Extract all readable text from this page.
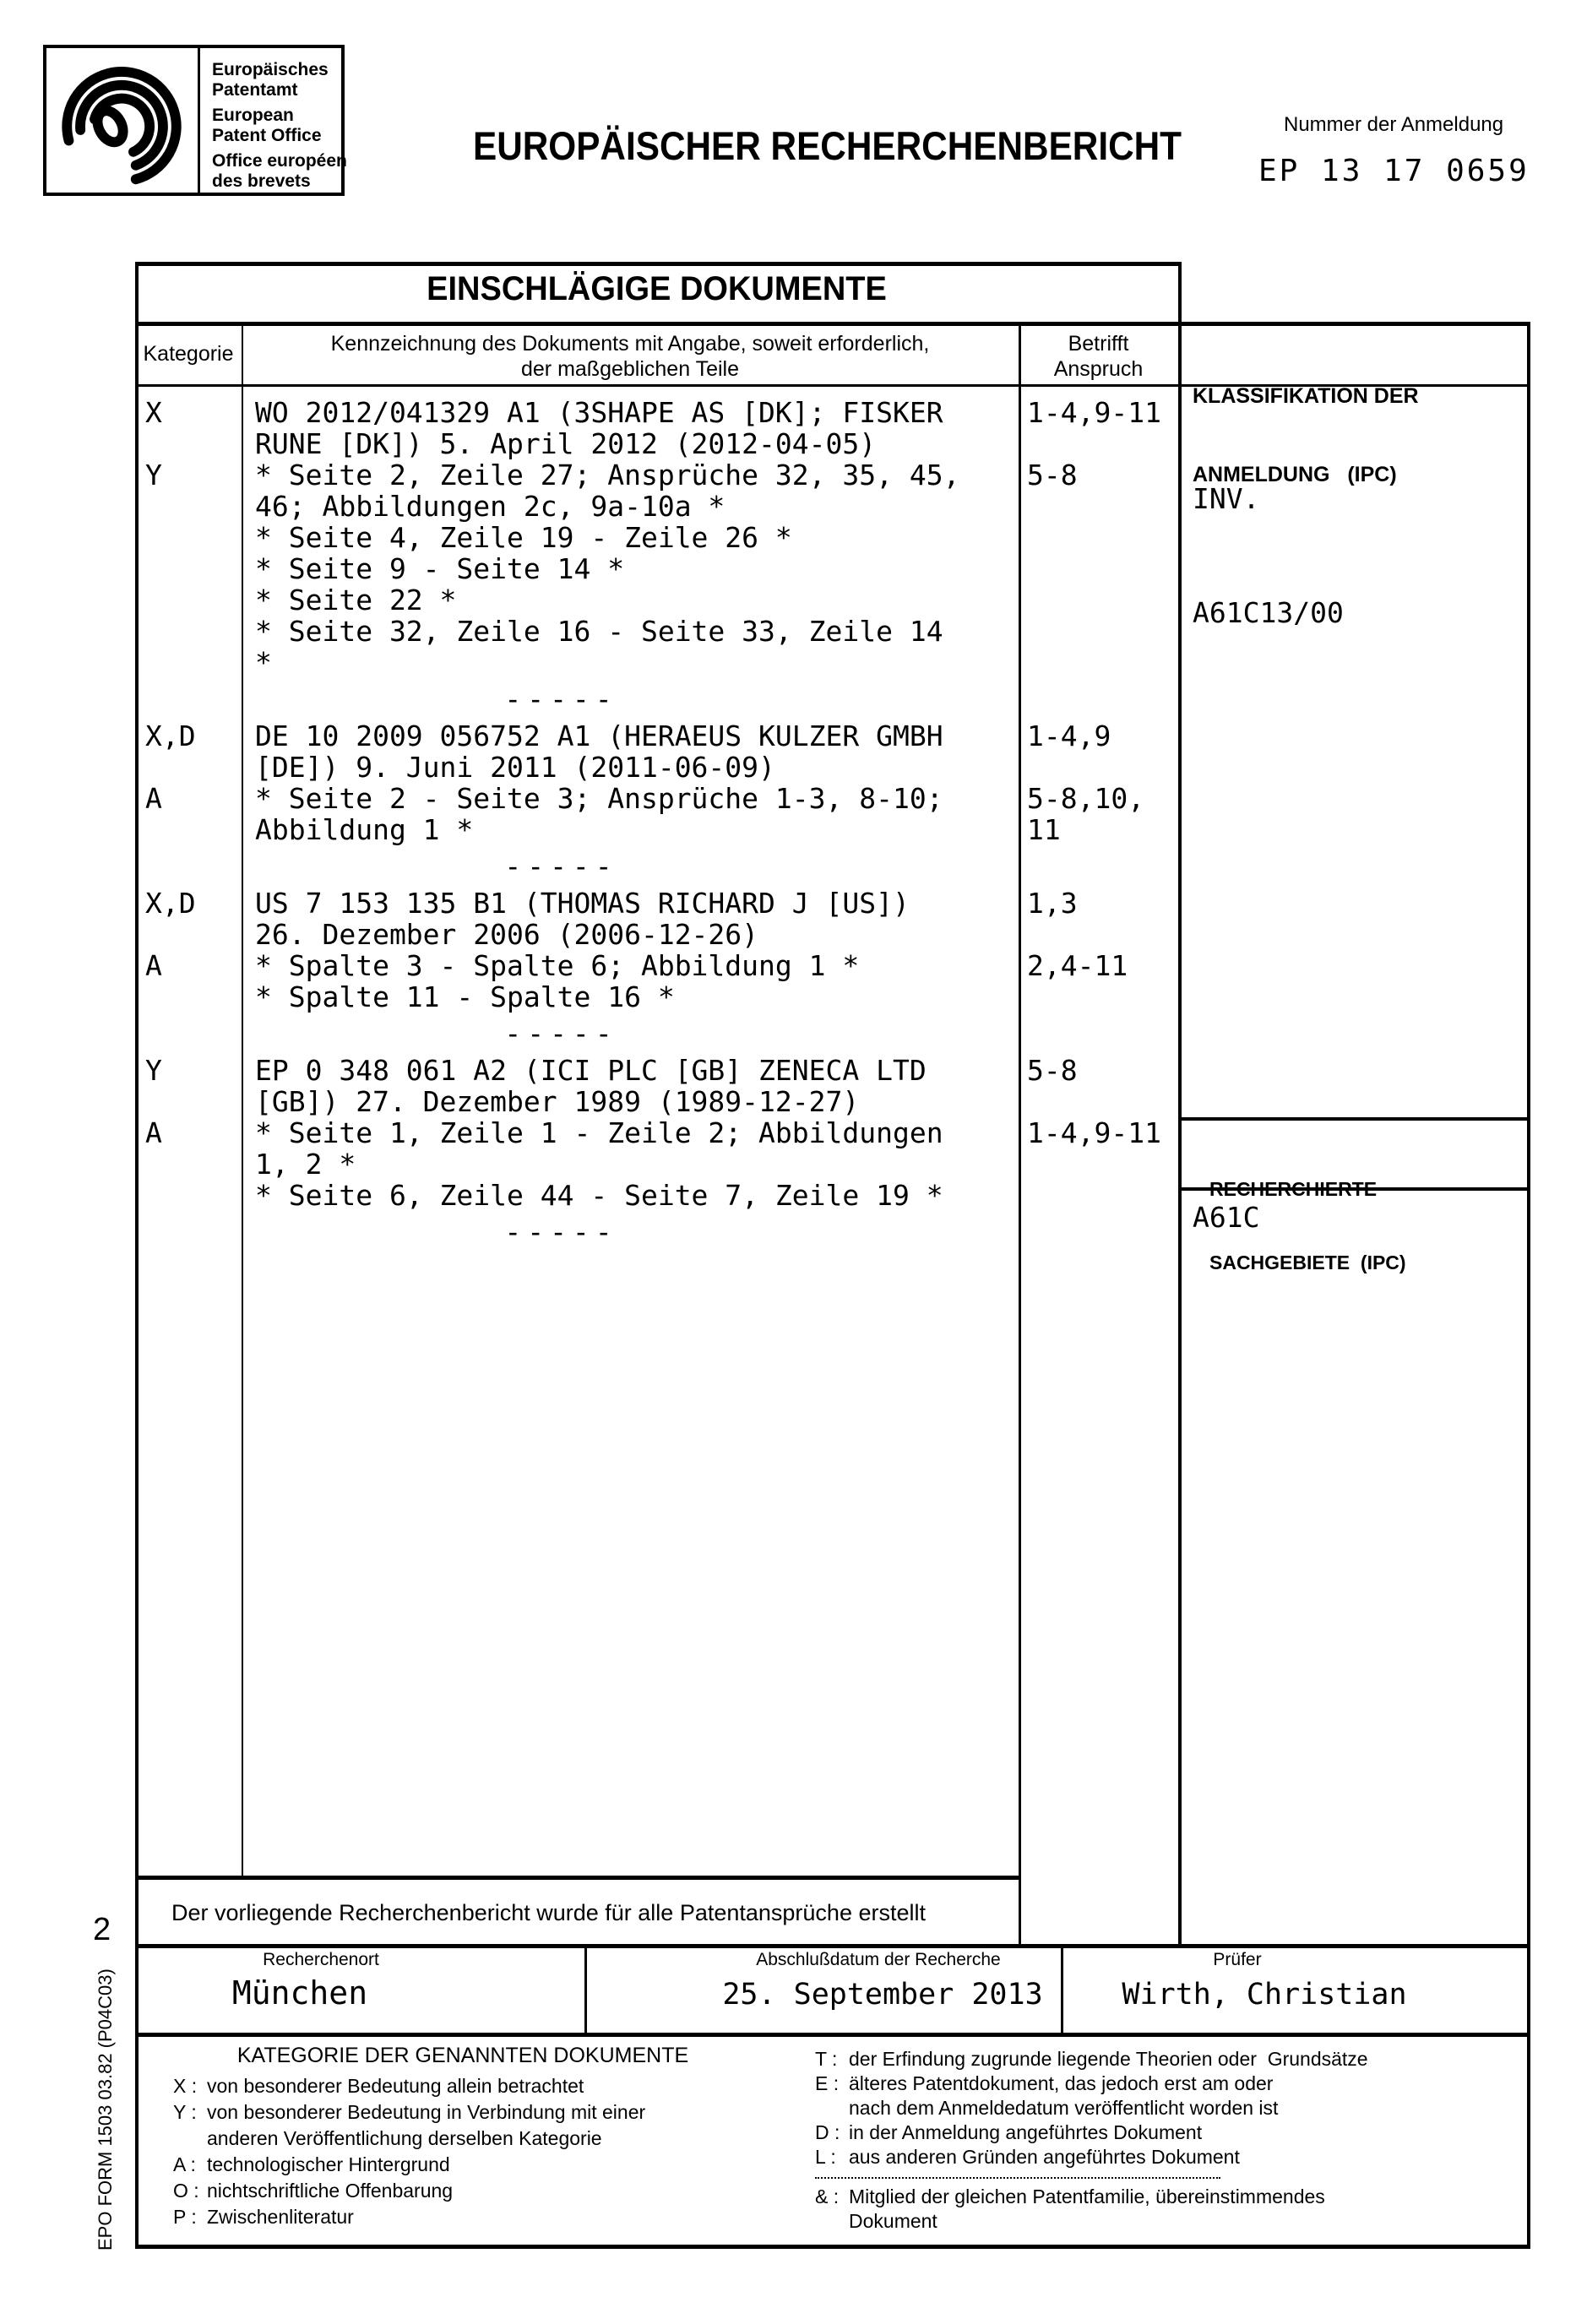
Europäisches
Patentamt
European
Patent Office
Office européen
des brevets
EUROPÄISCHER RECHERCHENBERICHT	Nummer der Anmeldung
EP 13 17 0659
EINSCHLÄGIGE DOKUMENTE
Kategorie	Kennzeichnung des Dokuments mit Angabe, soweit erforderlich,
der maßgeblichen Teile
Betrifft
Anspruch

KLASSIFIKATION DER

ANMELDUNG   (IPC)

X	WO 2012/041329 A1 (3SHAPE AS [DK]; FISKER	1-4,9-11
RUNE [DK]) 5. April 2012 (2012-04-05)
Y	* Seite 2, Zeile 27; Ansprüche 32, 35, 45,	5-8
46; Abbildungen 2c, 9a-10a *
* Seite 4, Zeile 19 - Zeile 26 *
* Seite 9 - Seite 14 *
* Seite 22 *
* Seite 32, Zeile 16 - Seite 33, Zeile 14
*
-----
X,D	DE 10 2009 056752 A1 (HERAEUS KULZER GMBH	1-4,9
[DE]) 9. Juni 2011 (2011-06-09)
A	* Seite 2 - Seite 3; Ansprüche 1-3, 8-10;	5-8,10,
Abbildung 1 *	11
-----
X,D	US 7 153 135 B1 (THOMAS RICHARD J [US])	1,3
26. Dezember 2006 (2006-12-26)
A	* Spalte 3 - Spalte 6; Abbildung 1 *	2,4-11
* Spalte 11 - Spalte 16 *
-----
Y	EP 0 348 061 A2 (ICI PLC [GB] ZENECA LTD	5-8
[GB]) 27. Dezember 1989 (1989-12-27)
A	* Seite 1, Zeile 1 - Zeile 2; Abbildungen	1-4,9-11
1, 2 *
* Seite 6, Zeile 44 - Seite 7, Zeile 19 *
-----

INV.

A61C13/00

RECHERCHIERTE

SACHGEBIETE  (IPC)

A61C
Der vorliegende Recherchenbericht wurde für alle Patentansprüche erstellt
2
Recherchenort
München
Abschlußdatum der Recherche
25. September 2013
Prüfer
Wirth, Christian
KATEGORIE DER GENANNTEN DOKUMENTE
X : von besonderer Bedeutung allein betrachtet
Y : von besonderer Bedeutung in Verbindung mit einer
anderen Veröffentlichung derselben Kategorie
A : technologischer Hintergrund
O : nichtschriftliche Offenbarung
P : Zwischenliteratur
T : der Erfindung zugrunde liegende Theorien oder  Grundsätze
E : älteres Patentdokument, das jedoch erst am oder
nach dem Anmeldedatum veröffentlicht worden ist
D : in der Anmeldung angeführtes Dokument
L : aus anderen Gründen angeführtes Dokument
& : Mitglied der gleichen Patentfamilie, übereinstimmendes
Dokument
EPO FORM 1503 03.82 (P04C03)
